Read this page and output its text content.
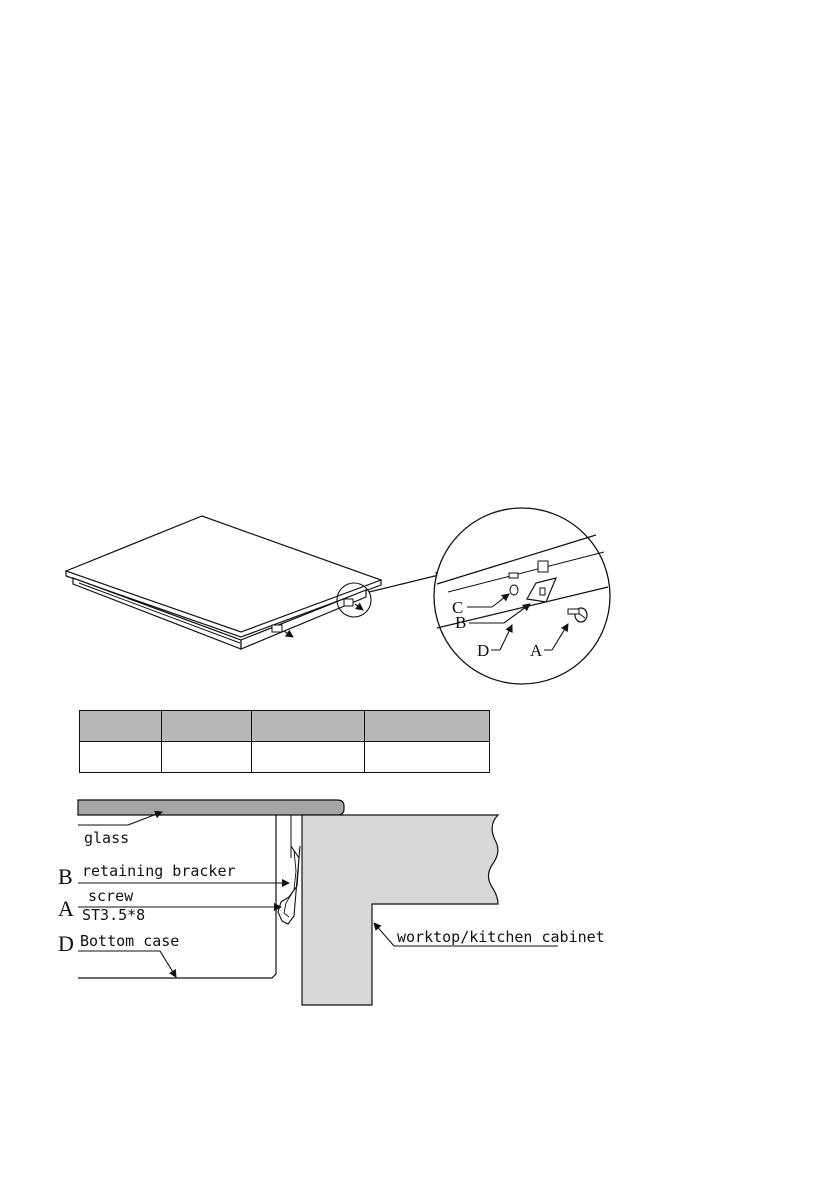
C
B
D A
glass
B retaining bracker
A screw
ST3.5*8
D Bottom case	worktop/kitchen cabinet
